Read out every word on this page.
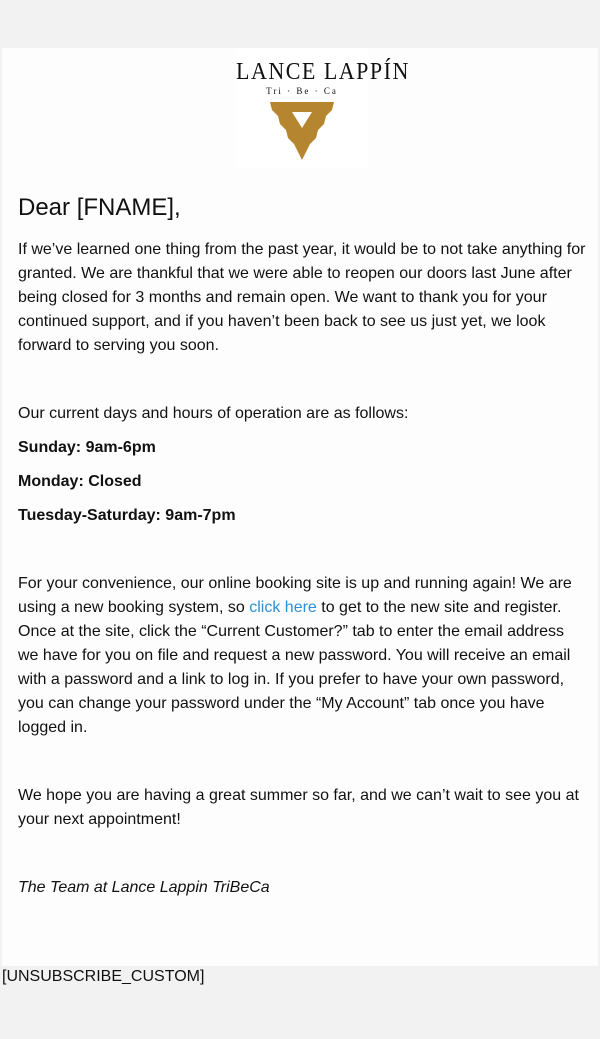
LANCE LAPPÍN
Tri · Be · Ca
Dear [FNAME],

If we’ve learned one thing from the past year, it would be to not take anything for granted. We are thankful that we were able to reopen our doors last June after being closed for 3 months and remain open. We want to thank you for your continued support, and if you haven’t been back to see us just yet, we look forward to serving you soon.

Our current days and hours of operation are as follows:

Sunday: 9am-6pm

Monday: Closed

Tuesday-Saturday: 9am-7pm

For your convenience, our online booking site is up and running again! We are using a new booking system, so click here to get to the new site and register. Once at the site, click the “Current Customer?” tab to enter the email address we have for you on file and request a new password. You will receive an email with a password and a link to log in. If you prefer to have your own password, you can change your password under the “My Account” tab once you have logged in.

We hope you are having a great summer so far, and we can’t wait to see you at your next appointment!

The Team at Lance Lappin TriBeCa

[UNSUBSCRIBE_CUSTOM]
